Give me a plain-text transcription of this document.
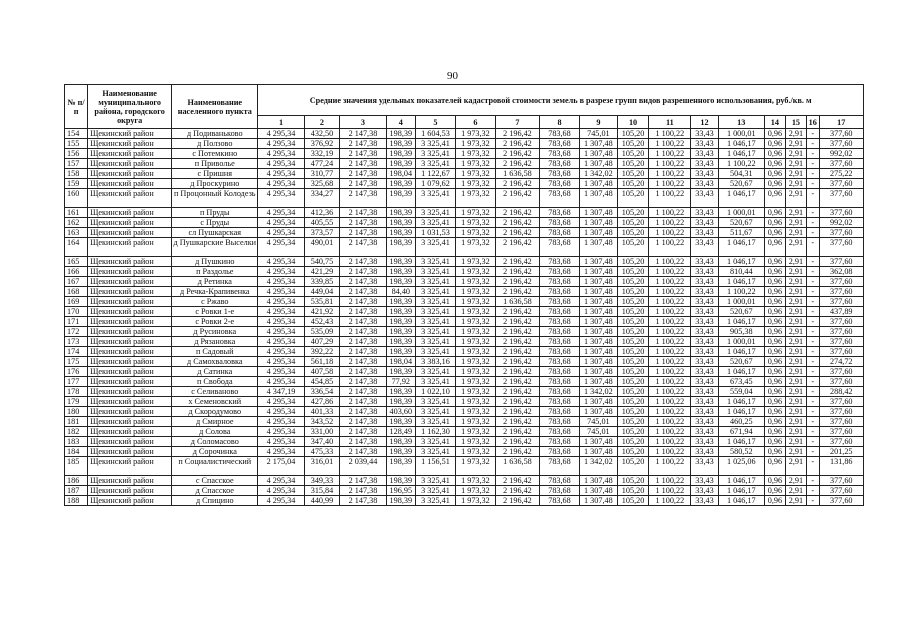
90
№ п/п	Наименование муниципального района, городского округа	Наименование населенного пункта	Средние значения удельных показателей кадастровой стоимости земель в разрезе групп видов разрешенного использования, руб./кв. м																
			1	2	3	4	5	6	7	8	9	10	11	12	13	14	15	16	17
154	Щекинский район	д Подиваньково	4 295,34	432,50	2 147,38	198,39	1 604,53	1 973,32	2 196,42	783,68	745,01	105,20	1 100,22	33,43	1 000,01	0,96	2,91	-	377,60
155	Щекинский район	д Ползово	4 295,34	376,92	2 147,38	198,39	3 325,41	1 973,32	2 196,42	783,68	1 307,48	105,20	1 100,22	33,43	1 046,17	0,96	2,91	-	377,60
156	Щекинский район	с Потемкино	4 295,34	332,19	2 147,38	198,39	3 325,41	1 973,32	2 196,42	783,68	1 307,48	105,20	1 100,22	33,43	1 046,17	0,96	2,91	-	992,02
157	Щекинский район	п Приволье	4 295,34	477,24	2 147,38	198,39	3 325,41	1 973,32	2 196,42	783,68	1 307,48	105,20	1 100,22	33,43	1 100,22	0,96	2,91	-	377,60
158	Щекинский район	с Пришня	4 295,34	310,77	2 147,38	198,04	1 122,67	1 973,32	1 636,58	783,68	1 342,02	105,20	1 100,22	33,43	504,31	0,96	2,91	-	275,22
159	Щекинский район	д Проскуринo	4 295,34	325,68	2 147,38	198,39	1 079,62	1 973,32	2 196,42	783,68	1 307,48	105,20	1 100,22	33,43	520,67	0,96	2,91	-	377,60
160	Щекинский район	п Процонный Колодезь	4 295,34	334,27	2 147,38	198,39	3 325,41	1 973,32	2 196,42	783,68	1 307,48	105,20	1 100,22	33,43	1 046,17	0,96	2,91	-	377,60
161	Щекинский район	п Пруды	4 295,34	412,36	2 147,38	198,39	3 325,41	1 973,32	2 196,42	783,68	1 307,48	105,20	1 100,22	33,43	1 000,01	0,96	2,91	-	377,60
162	Щекинский район	с Пруды	4 295,34	405,55	2 147,38	198,39	3 325,41	1 973,32	2 196,42	783,68	1 307,48	105,20	1 100,22	33,43	520,67	0,96	2,91	-	992,02
163	Щекинский район	сл Пушкарская	4 295,34	373,57	2 147,38	198,39	1 031,53	1 973,32	2 196,42	783,68	1 307,48	105,20	1 100,22	33,43	511,67	0,96	2,91	-	377,60
164	Щекинский район	д Пушкарские Выселки	4 295,34	490,01	2 147,38	198,39	3 325,41	1 973,32	2 196,42	783,68	1 307,48	105,20	1 100,22	33,43	1 046,17	0,96	2,91	-	377,60
165	Щекинский район	д Пушкино	4 295,34	540,75	2 147,38	198,39	3 325,41	1 973,32	2 196,42	783,68	1 307,48	105,20	1 100,22	33,43	1 046,17	0,96	2,91	-	377,60
166	Щекинский район	п Раздолье	4 295,34	421,29	2 147,38	198,39	3 325,41	1 973,32	2 196,42	783,68	1 307,48	105,20	1 100,22	33,43	810,44	0,96	2,91	-	362,08
167	Щекинский район	д Ретинка	4 295,34	339,85	2 147,38	198,39	3 325,41	1 973,32	2 196,42	783,68	1 307,48	105,20	1 100,22	33,43	1 046,17	0,96	2,91	-	377,60
168	Щекинский район	д Речка-Крапивенка	4 295,34	449,04	2 147,38	84,40	3 325,41	1 973,32	2 196,42	783,68	1 307,48	105,20	1 100,22	33,43	1 100,22	0,96	2,91	-	377,60
169	Щекинский район	с Ржаво	4 295,34	535,81	2 147,38	198,39	3 325,41	1 973,32	1 636,58	783,68	1 307,48	105,20	1 100,22	33,43	1 000,01	0,96	2,91	-	377,60
170	Щекинский район	с Ровки 1-е	4 295,34	421,92	2 147,38	198,39	3 325,41	1 973,32	2 196,42	783,68	1 307,48	105,20	1 100,22	33,43	520,67	0,96	2,91	-	437,89
171	Щекинский район	с Ровки 2-е	4 295,34	452,43	2 147,38	198,39	3 325,41	1 973,32	2 196,42	783,68	1 307,48	105,20	1 100,22	33,43	1 046,17	0,96	2,91	-	377,60
172	Щекинский район	д Русиновка	4 295,34	535,09	2 147,38	198,39	3 325,41	1 973,32	2 196,42	783,68	1 307,48	105,20	1 100,22	33,43	905,38	0,96	2,91	-	377,60
173	Щекинский район	д Рязановка	4 295,34	407,29	2 147,38	198,39	3 325,41	1 973,32	2 196,42	783,68	1 307,48	105,20	1 100,22	33,43	1 000,01	0,96	2,91	-	377,60
174	Щекинский район	п Садовый	4 295,34	392,22	2 147,38	198,39	3 325,41	1 973,32	2 196,42	783,68	1 307,48	105,20	1 100,22	33,43	1 046,17	0,96	2,91	-	377,60
175	Щекинский район	д Самохваловка	4 295,34	561,18	2 147,38	198,04	3 383,16	1 973,32	2 196,42	783,68	1 307,48	105,20	1 100,22	33,43	520,67	0,96	2,91	-	274,72
176	Щекинский район	д Сатинка	4 295,34	407,58	2 147,38	198,39	3 325,41	1 973,32	2 196,42	783,68	1 307,48	105,20	1 100,22	33,43	1 046,17	0,96	2,91	-	377,60
177	Щекинский район	п Свобода	4 295,34	454,85	2 147,38	77,92	3 325,41	1 973,32	2 196,42	783,68	1 307,48	105,20	1 100,22	33,43	673,45	0,96	2,91	-	377,60
178	Щекинский район	с Селиваново	4 347,19	336,54	2 147,38	198,39	1 022,10	1 973,32	2 196,42	783,68	1 342,02	105,20	1 100,22	33,43	559,04	0,96	2,91	-	288,42
179	Щекинский район	х Семеновский	4 295,34	427,86	2 147,38	198,39	3 325,41	1 973,32	2 196,42	783,68	1 307,48	105,20	1 100,22	33,43	1 046,17	0,96	2,91	-	377,60
180	Щекинский район	д Скородумово	4 295,34	401,33	2 147,38	403,60	3 325,41	1 973,32	2 196,42	783,68	1 307,48	105,20	1 100,22	33,43	1 046,17	0,96	2,91	-	377,60
181	Щекинский район	д Смирное	4 295,34	343,52	2 147,38	198,39	3 325,41	1 973,32	2 196,42	783,68	745,01	105,20	1 100,22	33,43	460,25	0,96	2,91	-	377,60
182	Щекинский район	д Солова	4 295,34	331,00	2 147,38	128,49	1 162,30	1 973,32	2 196,42	783,68	745,01	105,20	1 100,22	33,43	671,94	0,96	2,91	-	377,60
183	Щекинский район	д Соломасово	4 295,34	347,40	2 147,38	198,39	3 325,41	1 973,32	2 196,42	783,68	1 307,48	105,20	1 100,22	33,43	1 046,17	0,96	2,91	-	377,60
184	Щекинский район	д Сорочинка	4 295,34	475,33	2 147,38	198,39	3 325,41	1 973,32	2 196,42	783,68	1 307,48	105,20	1 100,22	33,43	580,52	0,96	2,91	-	201,25
185	Щекинский район	п Социалистический	2 175,04	316,01	2 039,44	198,39	1 156,51	1 973,32	1 636,58	783,68	1 342,02	105,20	1 100,22	33,43	1 025,06	0,96	2,91	-	131,86
186	Щекинский район	с Спасское	4 295,34	349,33	2 147,38	198,39	3 325,41	1 973,32	2 196,42	783,68	1 307,48	105,20	1 100,22	33,43	1 046,17	0,96	2,91	-	377,60
187	Щекинский район	д Спасское	4 295,34	315,84	2 147,38	196,95	3 325,41	1 973,32	2 196,42	783,68	1 307,48	105,20	1 100,22	33,43	1 046,17	0,96	2,91	-	377,60
188	Щекинский район	д Спицино	4 295,34	440,99	2 147,38	198,39	3 325,41	1 973,32	2 196,42	783,68	1 307,48	105,20	1 100,22	33,43	1 046,17	0,96	2,91	-	377,60
